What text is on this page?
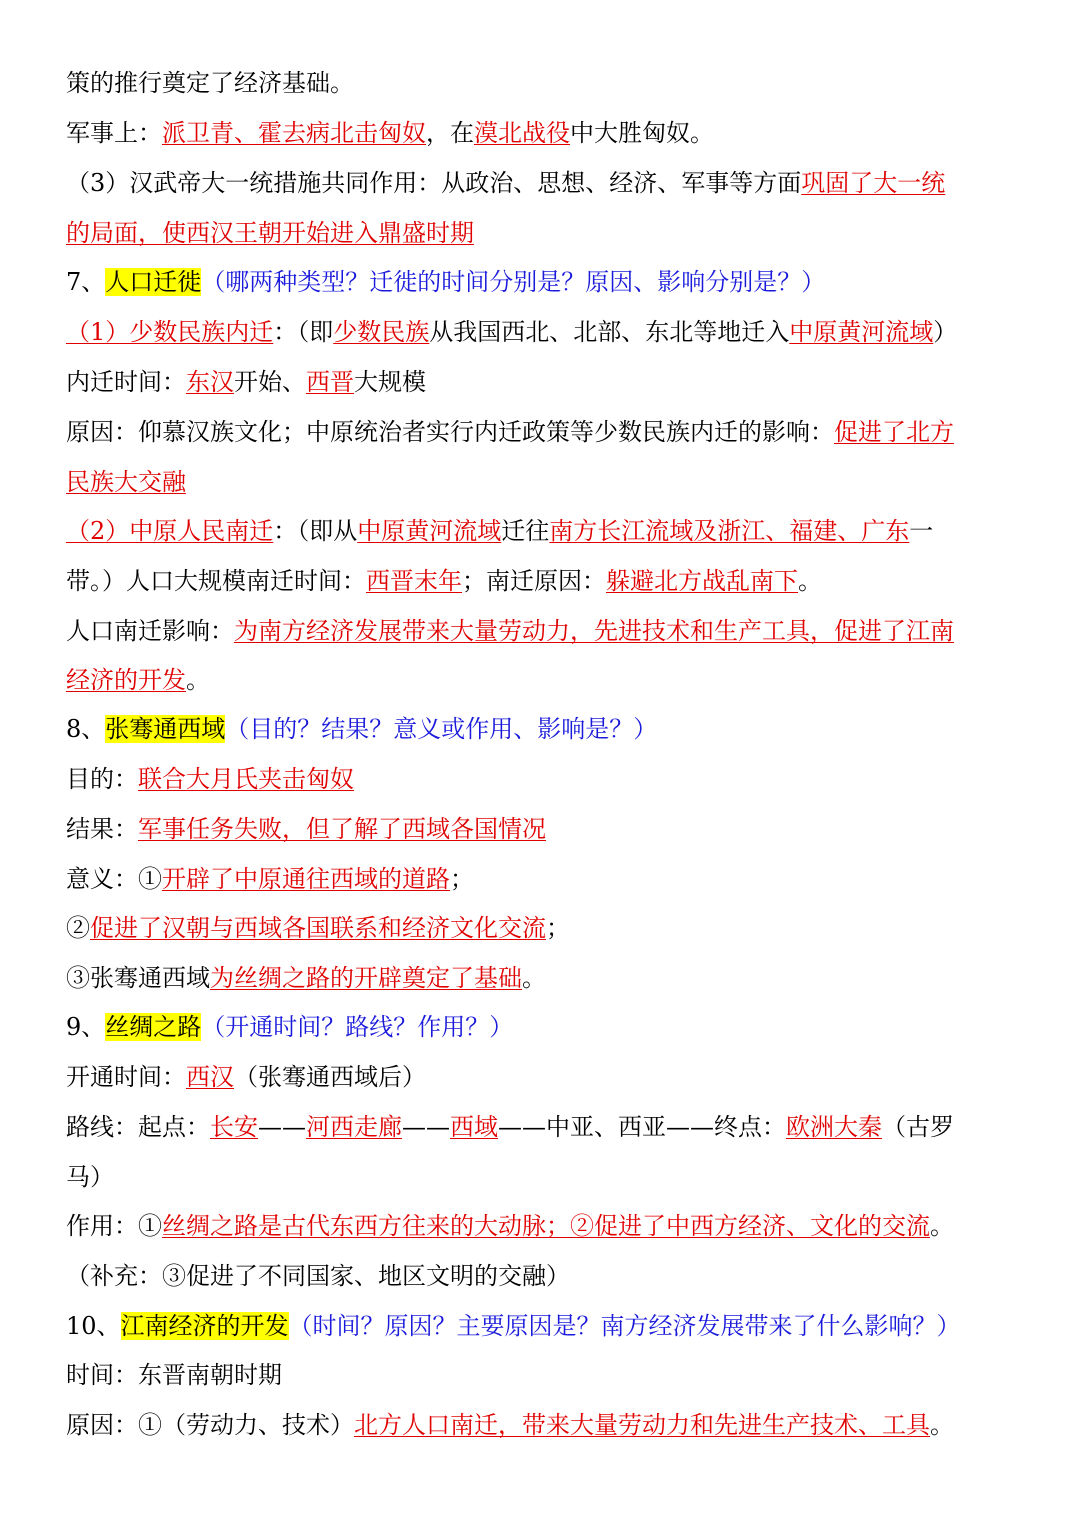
策的推行奠定了经济基础。
军事上：派卫青、霍去病北击匈奴，在漠北战役中大胜匈奴。
（3）汉武帝大一统措施共同作用：从政治、思想、经济、军事等方面巩固了大一统
的局面，使西汉王朝开始进入鼎盛时期
7、人口迁徙（哪两种类型？迁徙的时间分别是？原因、影响分别是？）
（1）少数民族内迁：（即少数民族从我国西北、北部、东北等地迁入中原黄河流域）
内迁时间：东汉开始、西晋大规模
原因：仰慕汉族文化；中原统治者实行内迁政策等少数民族内迁的影响：促进了北方
民族大交融
（2）中原人民南迁：（即从中原黄河流域迁往南方长江流域及浙江、福建、广东一
带。）人口大规模南迁时间：西晋末年；南迁原因：躲避北方战乱南下。
人口南迁影响：为南方经济发展带来大量劳动力，先进技术和生产工具，促进了江南
经济的开发。
8、张骞通西域（目的？结果？意义或作用、影响是？）
目的：联合大月氏夹击匈奴
结果：军事任务失败，但了解了西域各国情况
意义：①开辟了中原通往西域的道路；
②促进了汉朝与西域各国联系和经济文化交流；
③张骞通西域为丝绸之路的开辟奠定了基础。
9、丝绸之路（开通时间？路线？作用？）
开通时间：西汉（张骞通西域后）
路线：起点：长安——河西走廊——西域——中亚、西亚——终点：欧洲大秦（古罗
马）
作用：①丝绸之路是古代东西方往来的大动脉；②促进了中西方经济、文化的交流。
（补充：③促进了不同国家、地区文明的交融）
10、江南经济的开发（时间？原因？主要原因是？南方经济发展带来了什么影响？）
时间：东晋南朝时期
原因：①（劳动力、技术）北方人口南迁，带来大量劳动力和先进生产技术、工具。
